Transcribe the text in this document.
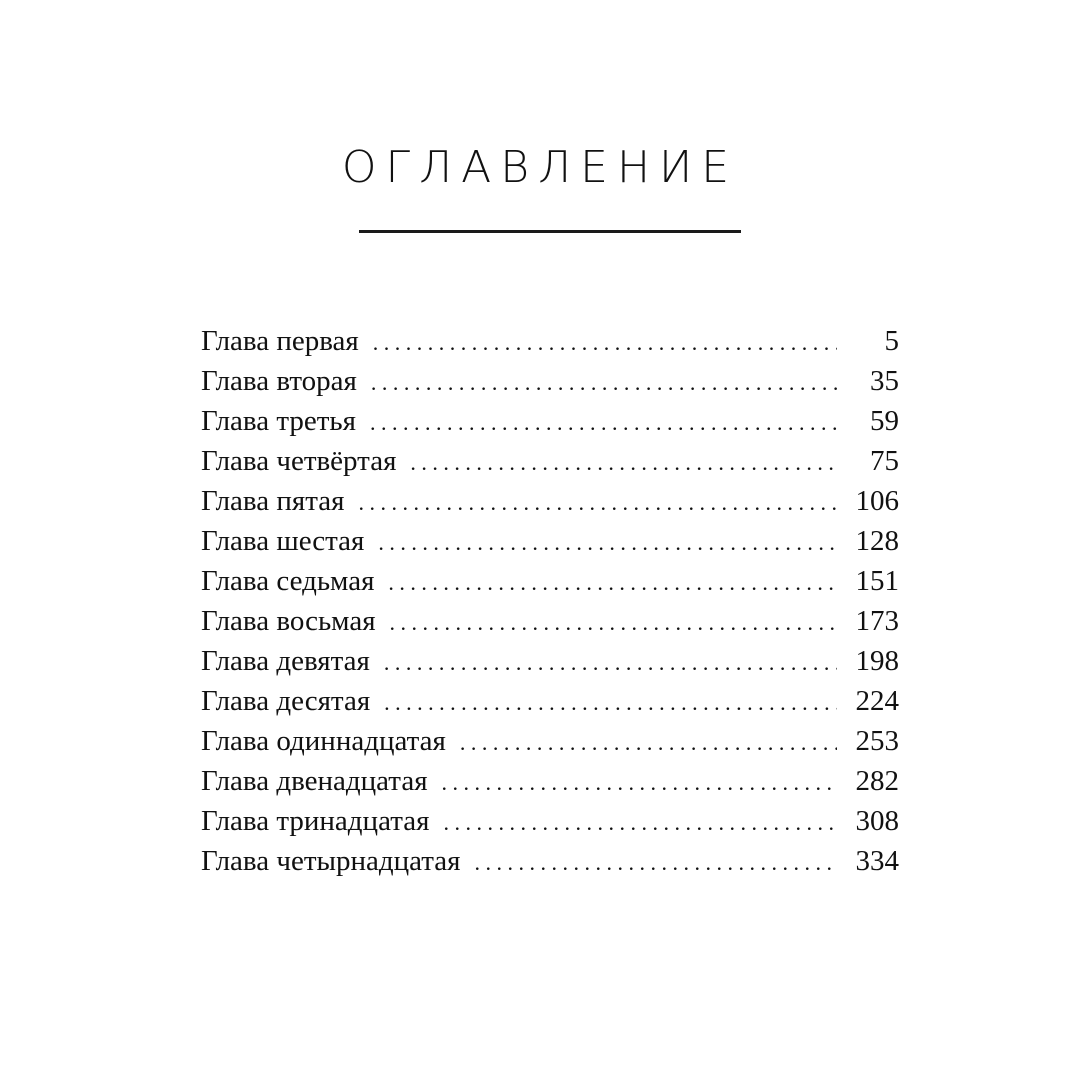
ОГЛАВЛЕНИЕ
Глава первая . . .	5
Глава вторая . . .	35
Глава третья . . .	59
Глава четвёртая . . .	75
Глава пятая . . .	106
Глава шестая . . .	128
Глава седьмая . . .	151
Глава восьмая . . .	173
Глава девятая . . .	198
Глава десятая . . .	224
Глава одиннадцатая . . .	253
Глава двенадцатая . . .	282
Глава тринадцатая . . .	308
Глава четырнадцатая . . .	334
